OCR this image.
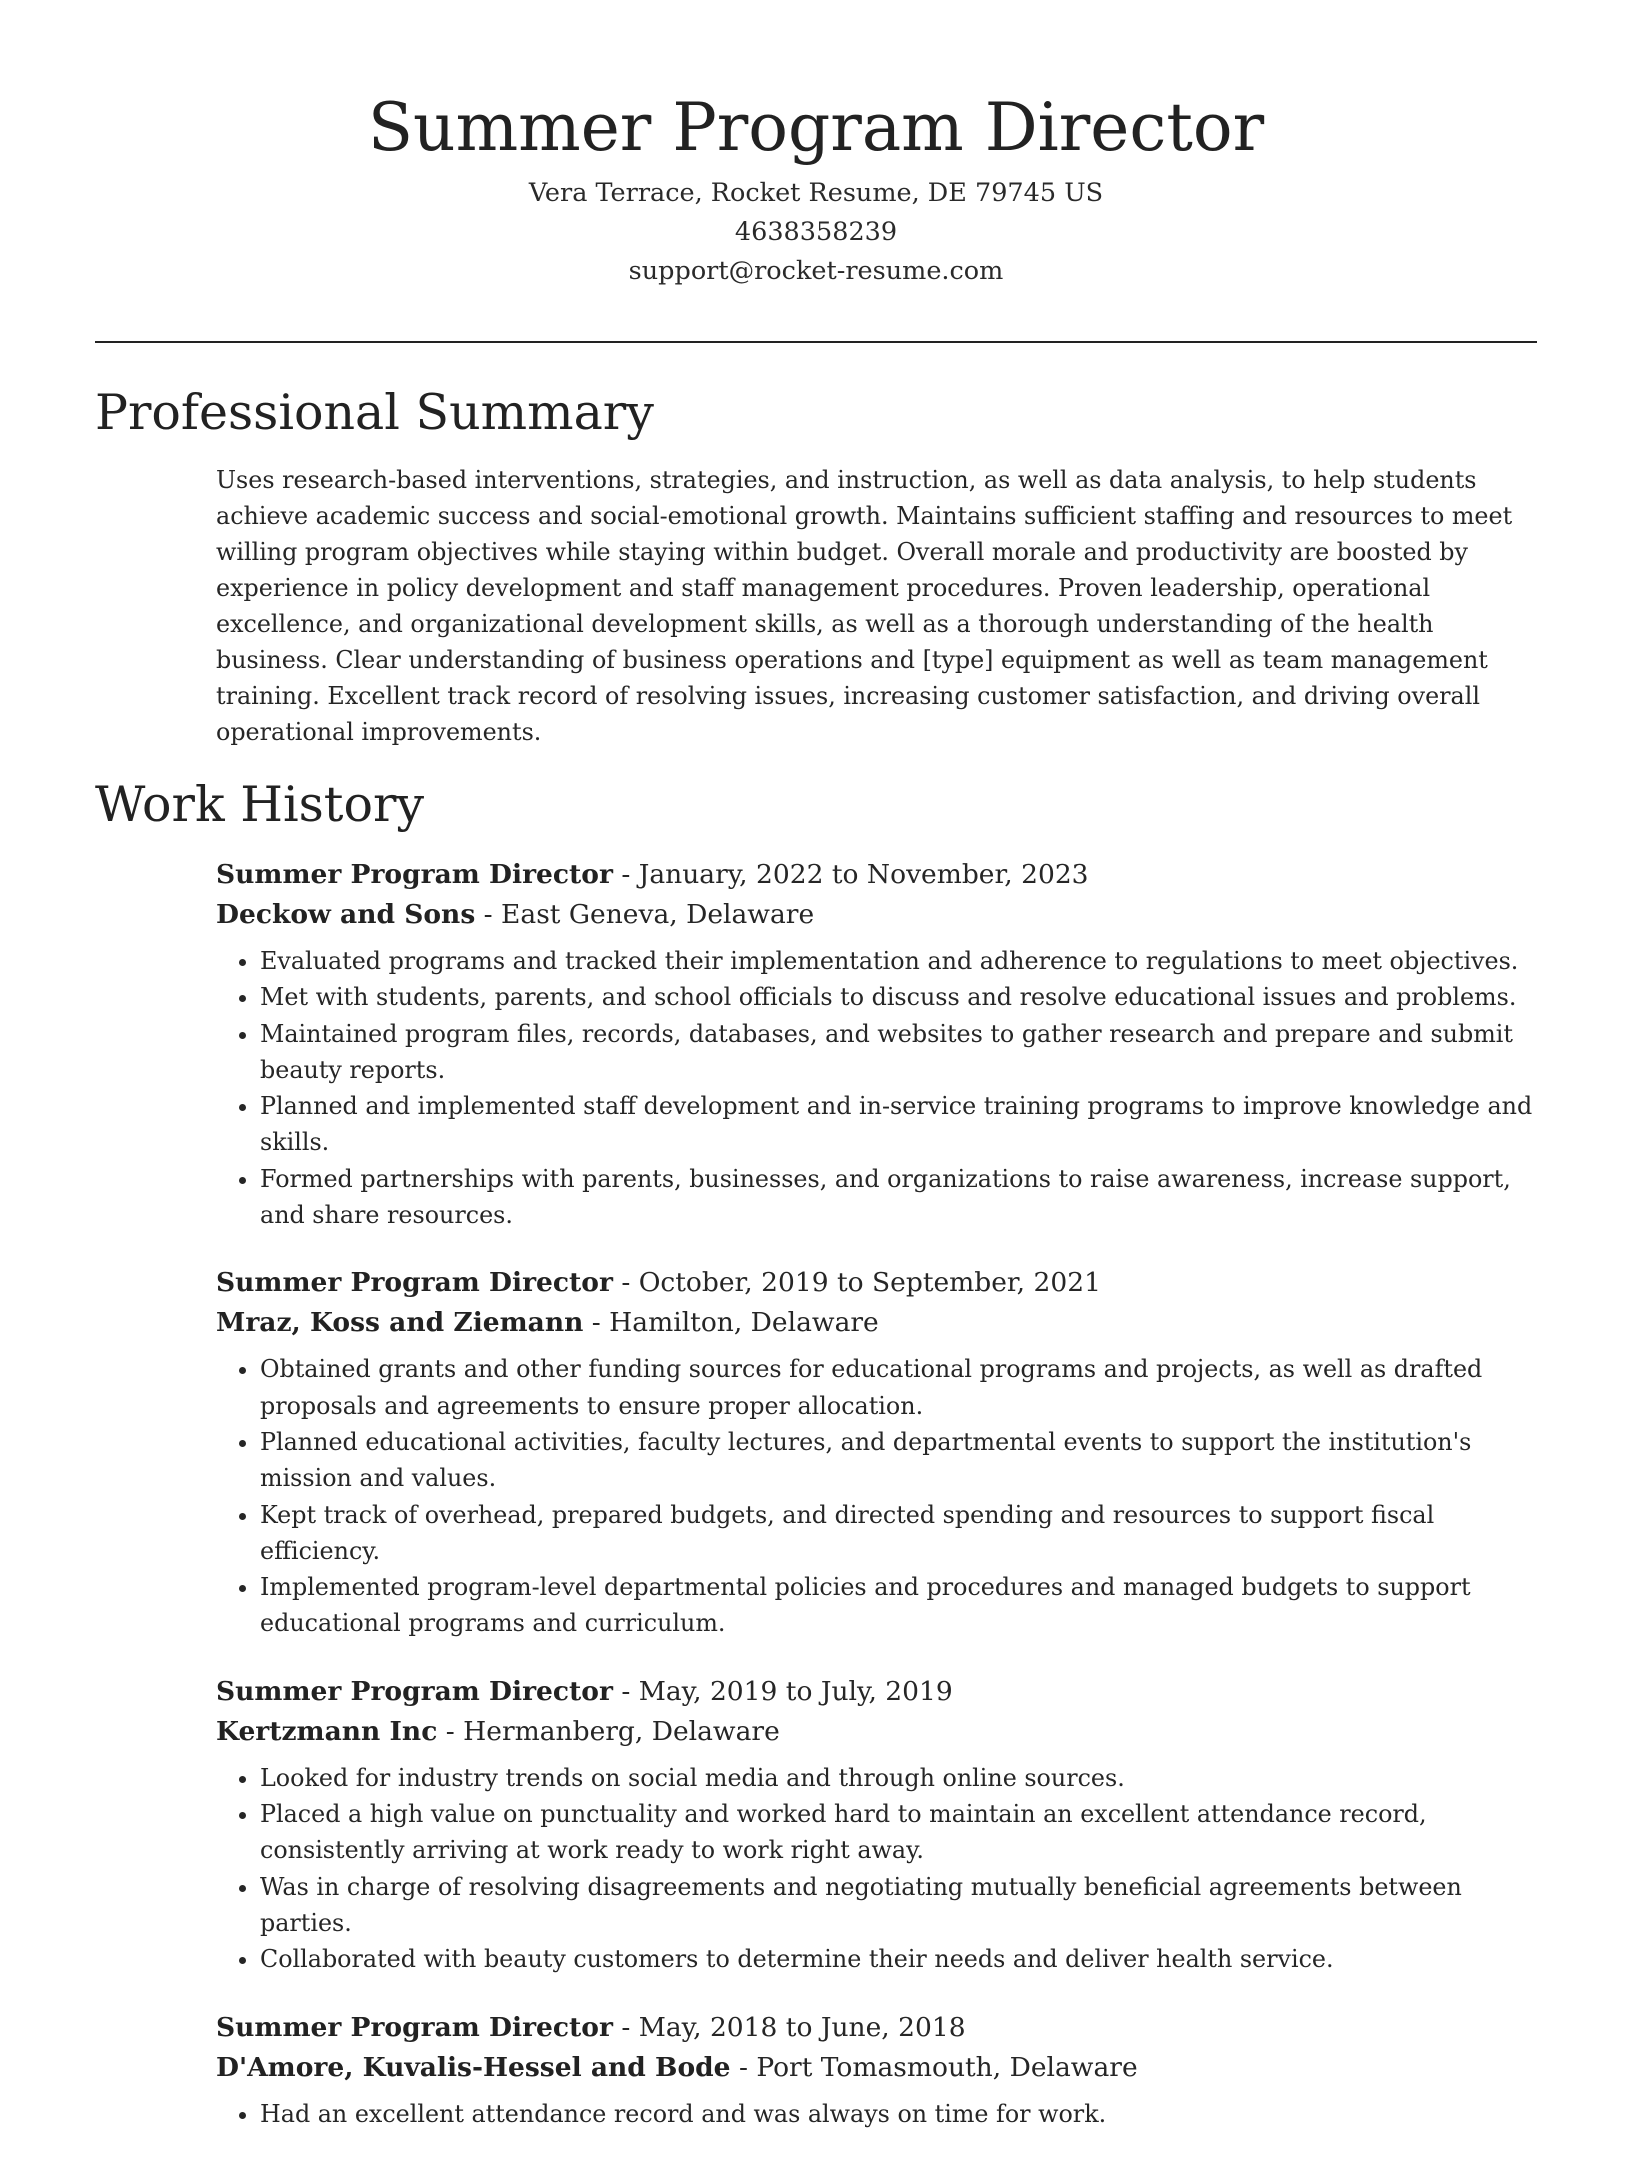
Summer Program Director
Vera Terrace, Rocket Resume, DE 79745 US
4638358239
support@rocket-resume.com
Professional Summary

Uses research-based interventions, strategies, and instruction, as well as data analysis, to help students achieve academic success and social-emotional growth. Maintains sufficient staffing and resources to meet willing program objectives while staying within budget. Overall morale and productivity are boosted by experience in policy development and staff management procedures. Proven leadership, operational excellence, and organizational development skills, as well as a thorough understanding of the health business. Clear understanding of business operations and [type] equipment as well as team management training. Excellent track record of resolving issues, increasing customer satisfaction, and driving overall operational improvements.

Work History
Summer Program Director - January, 2022 to November, 2023
Deckow and Sons - East Geneva, Delaware
• Evaluated programs and tracked their implementation and adherence to regulations to meet objectives.
• Met with students, parents, and school officials to discuss and resolve educational issues and problems.
• Maintained program files, records, databases, and websites to gather research and prepare and submit beauty reports.
• Planned and implemented staff development and in-service training programs to improve knowledge and skills.
• Formed partnerships with parents, businesses, and organizations to raise awareness, increase support, and share resources.
Summer Program Director - October, 2019 to September, 2021
Mraz, Koss and Ziemann - Hamilton, Delaware
• Obtained grants and other funding sources for educational programs and projects, as well as drafted proposals and agreements to ensure proper allocation.
• Planned educational activities, faculty lectures, and departmental events to support the institution's mission and values.
• Kept track of overhead, prepared budgets, and directed spending and resources to support fiscal efficiency.
• Implemented program-level departmental policies and procedures and managed budgets to support educational programs and curriculum.
Summer Program Director - May, 2019 to July, 2019
Kertzmann Inc - Hermanberg, Delaware
• Looked for industry trends on social media and through online sources.
• Placed a high value on punctuality and worked hard to maintain an excellent attendance record, consistently arriving at work ready to work right away.
• Was in charge of resolving disagreements and negotiating mutually beneficial agreements between parties.
• Collaborated with beauty customers to determine their needs and deliver health service.
Summer Program Director - May, 2018 to June, 2018
D'Amore, Kuvalis-Hessel and Bode - Port Tomasmouth, Delaware
• Had an excellent attendance record and was always on time for work.
